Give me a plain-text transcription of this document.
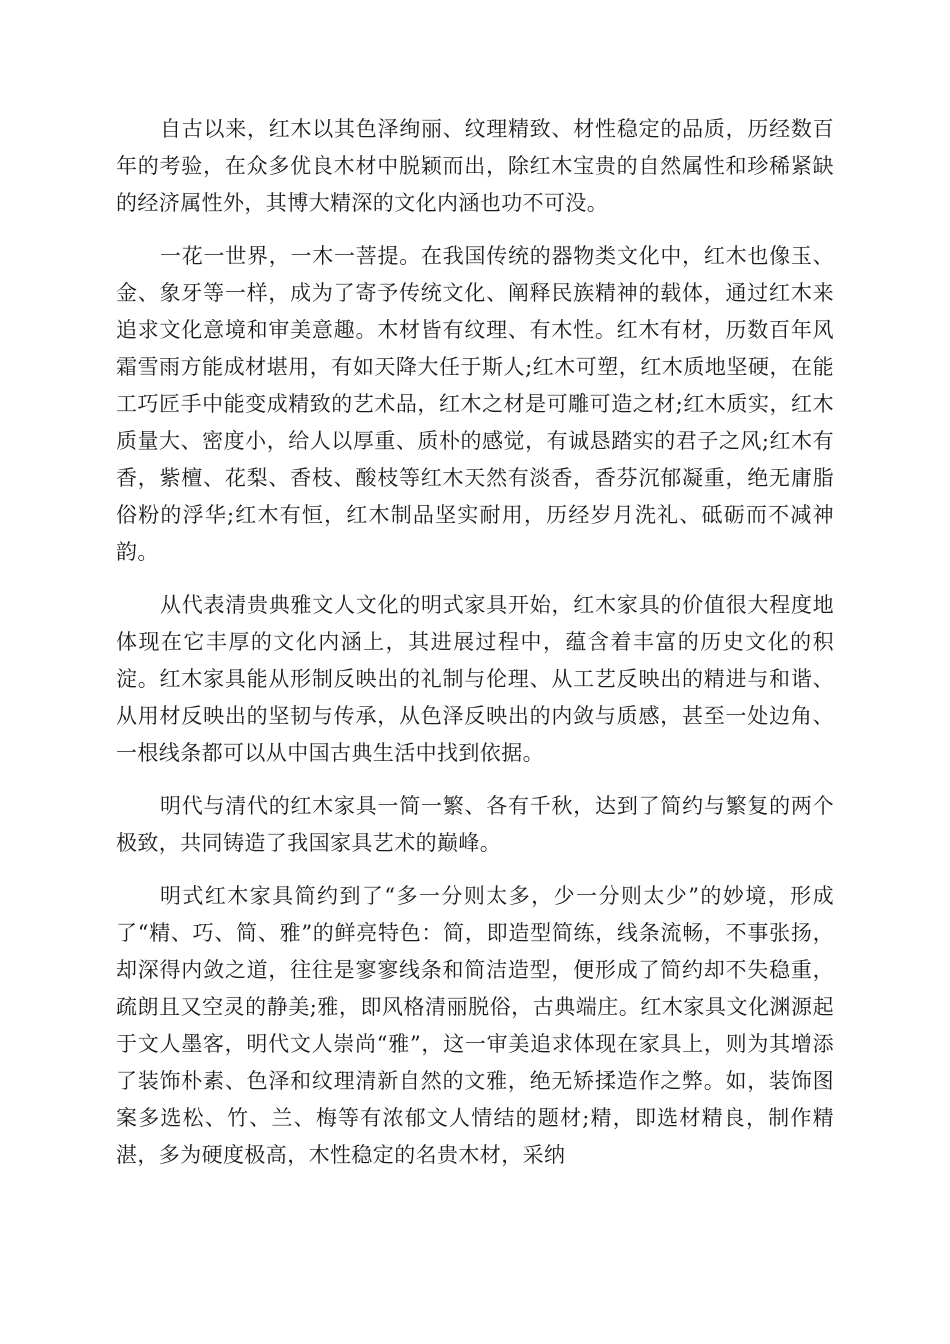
自古以来，红木以其色泽绚丽、纹理精致、材性稳定的品质，历经数百年的考验，在众多优良木材中脱颖而出，除红木宝贵的自然属性和珍稀紧缺的经济属性外，其博大精深的文化内涵也功不可没。

一花一世界，一木一菩提。在我国传统的器物类文化中，红木也像玉、金、象牙等一样，成为了寄予传统文化、阐释民族精神的载体，通过红木来追求文化意境和审美意趣。木材皆有纹理、有木性。红木有材，历数百年风霜雪雨方能成材堪用，有如天降大任于斯人;红木可塑，红木质地坚硬，在能工巧匠手中能变成精致的艺术品，红木之材是可雕可造之材;红木质实，红木质量大、密度小，给人以厚重、质朴的感觉，有诚恳踏实的君子之风;红木有香，紫檀、花梨、香枝、酸枝等红木天然有淡香，香芬沉郁凝重，绝无庸脂俗粉的浮华;红木有恒，红木制品坚实耐用，历经岁月洗礼、砥砺而不减神韵。

从代表清贵典雅文人文化的明式家具开始，红木家具的价值很大程度地体现在它丰厚的文化内涵上，其进展过程中，蕴含着丰富的历史文化的积淀。红木家具能从形制反映出的礼制与伦理、从工艺反映出的精进与和谐、从用材反映出的坚韧与传承，从色泽反映出的内敛与质感，甚至一处边角、一根线条都可以从中国古典生活中找到依据。

明代与清代的红木家具一简一繁、各有千秋，达到了简约与繁复的两个极致，共同铸造了我国家具艺术的巅峰。

明式红木家具简约到了“多一分则太多，少一分则太少”的妙境，形成了“精、巧、简、雅”的鲜亮特色：简，即造型简练，线条流畅，不事张扬，却深得内敛之道，往往是寥寥线条和简洁造型，便形成了简约却不失稳重，疏朗且又空灵的静美;雅，即风格清丽脱俗，古典端庄。红木家具文化渊源起于文人墨客，明代文人崇尚“雅”，这一审美追求体现在家具上，则为其增添了装饰朴素、色泽和纹理清新自然的文雅，绝无矫揉造作之弊。如，装饰图案多选松、竹、兰、梅等有浓郁文人情结的题材;精，即选材精良，制作精湛，多为硬度极高，木性稳定的名贵木材，采纳
